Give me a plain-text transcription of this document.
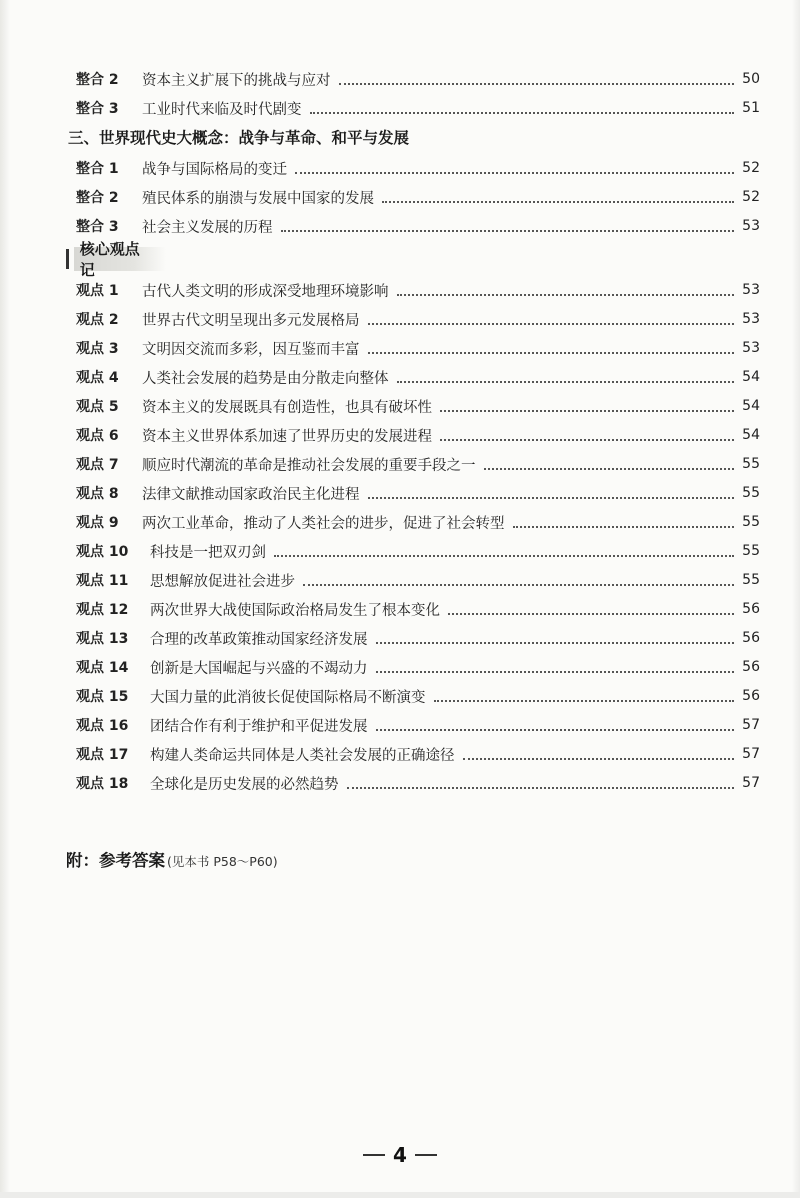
整合 2	资本主义扩展下的挑战与应对	50
整合 3	工业时代来临及时代剧变	51
三、世界现代史大概念：战争与革命、和平与发展
整合 1	战争与国际格局的变迁	52
整合 2	殖民体系的崩溃与发展中国家的发展	52
整合 3	社会主义发展的历程	53
核心观点记
观点 1	古代人类文明的形成深受地理环境影响	53
观点 2	世界古代文明呈现出多元发展格局	53
观点 3	文明因交流而多彩，因互鉴而丰富	53
观点 4	人类社会发展的趋势是由分散走向整体	54
观点 5	资本主义的发展既具有创造性，也具有破坏性	54
观点 6	资本主义世界体系加速了世界历史的发展进程	54
观点 7	顺应时代潮流的革命是推动社会发展的重要手段之一	55
观点 8	法律文献推动国家政治民主化进程	55
观点 9	两次工业革命，推动了人类社会的进步，促进了社会转型	55
观点 10	科技是一把双刃剑	55
观点 11	思想解放促进社会进步	55
观点 12	两次世界大战使国际政治格局发生了根本变化	56
观点 13	合理的改革政策推动国家经济发展	56
观点 14	创新是大国崛起与兴盛的不竭动力	56
观点 15	大国力量的此消彼长促使国际格局不断演变	56
观点 16	团结合作有利于维护和平促进发展	57
观点 17	构建人类命运共同体是人类社会发展的正确途径	57
观点 18	全球化是历史发展的必然趋势	57
附：参考答案 (见本书 P58～P60)
4
